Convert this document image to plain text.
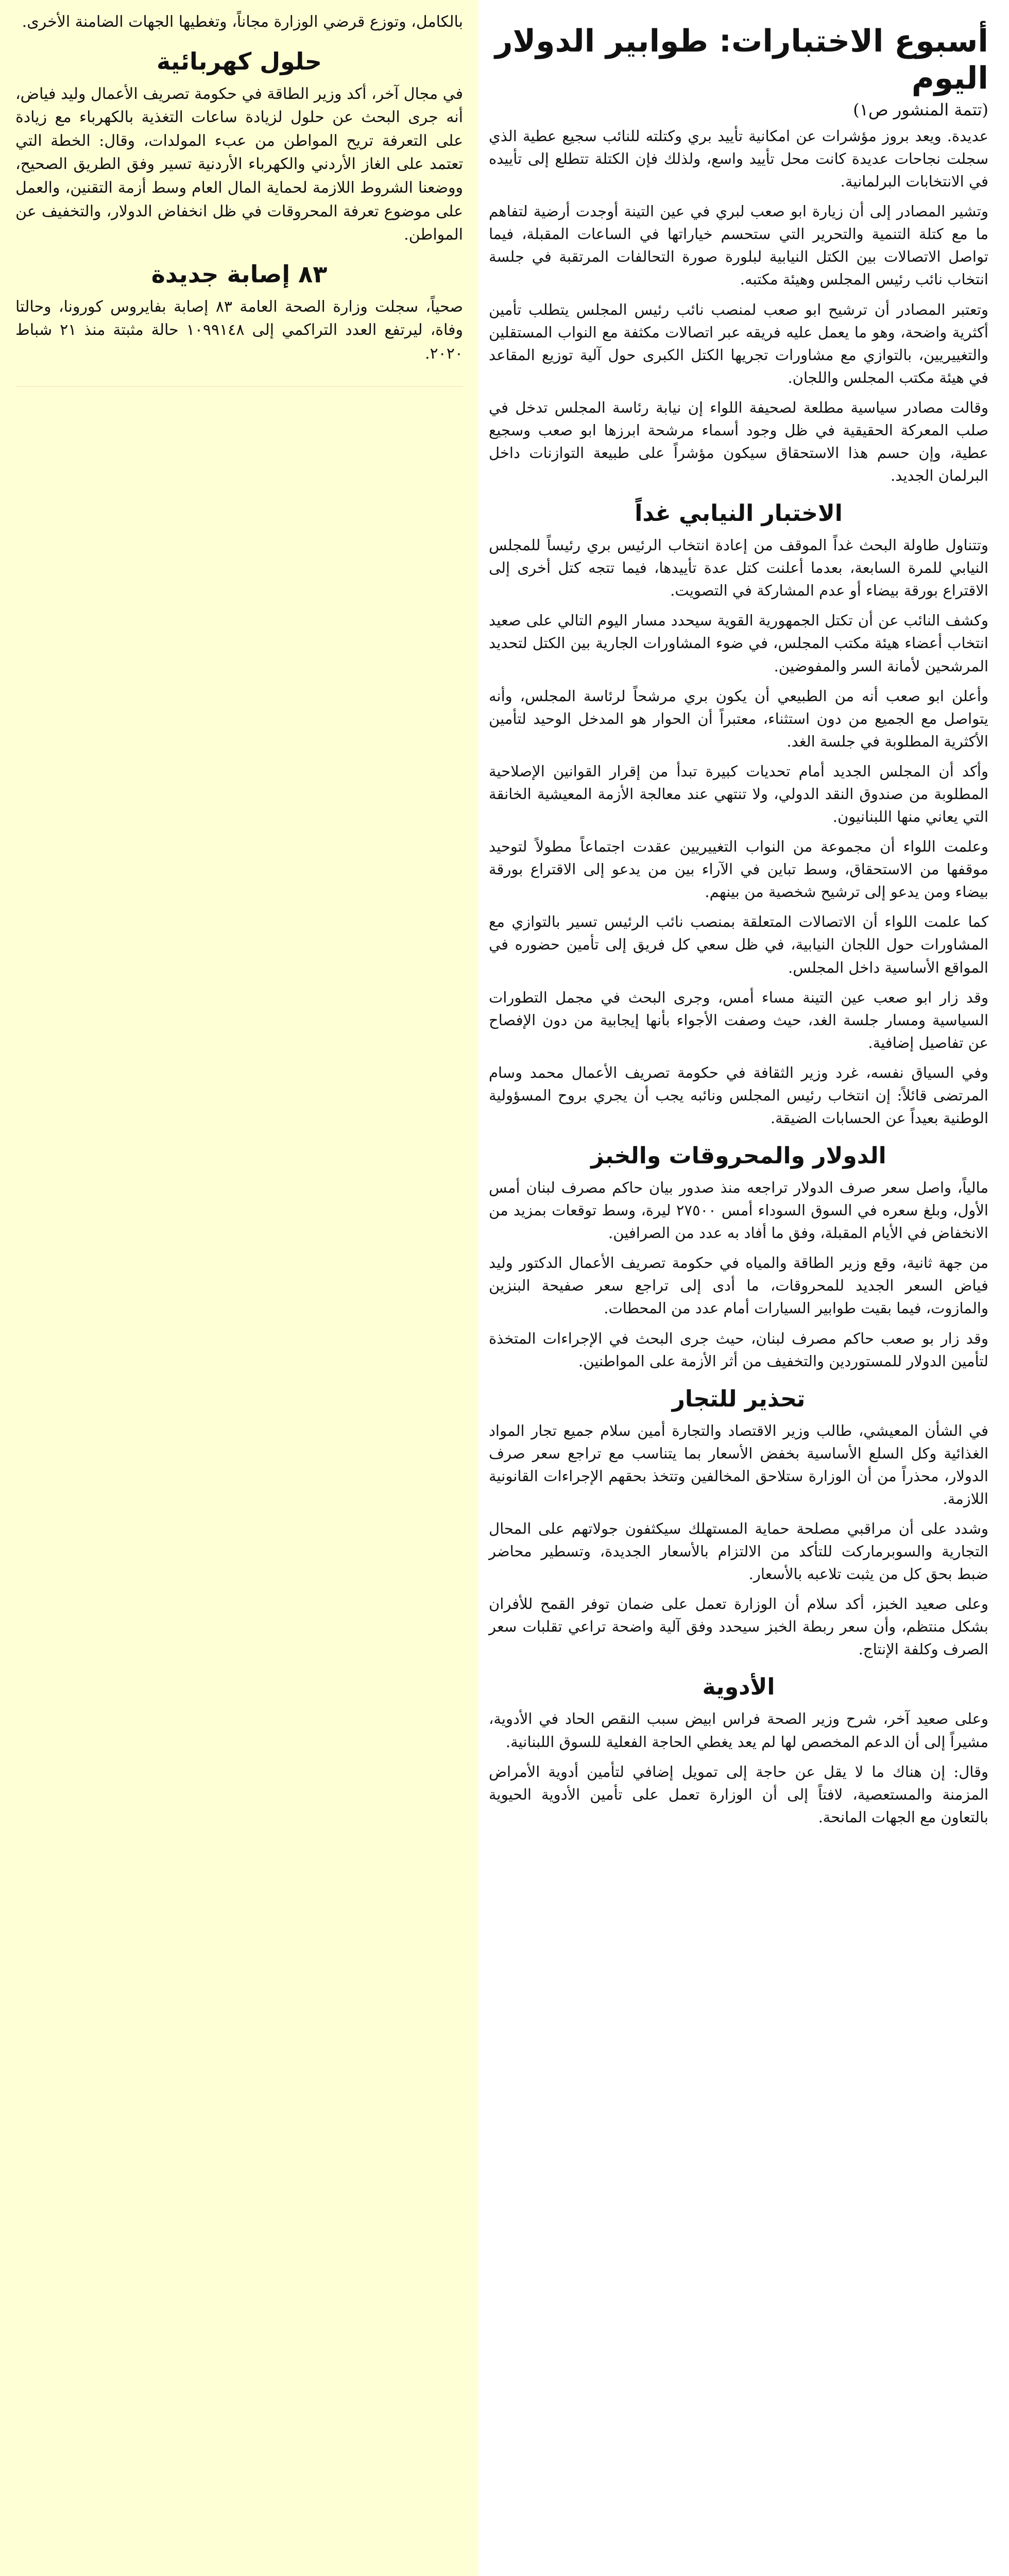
بالكامل، وتوزع قرضي الوزارة مجاناً، وتغطيها الجهات الضامنة الأخرى.

حلول كهربائية

في مجال آخر، أكد وزير الطاقة في حكومة تصريف الأعمال وليد فياض، أنه جرى البحث عن حلول لزيادة ساعات التغذية بالكهرباء مع زيادة على التعرفة تريح المواطن من عبء المولدات، وقال: الخطة التي تعتمد على الغاز الأردني والكهرباء الأردنية تسير وفق الطريق الصحيح، ووضعنا الشروط اللازمة لحماية المال العام وسط أزمة التقنين، والعمل على موضوع تعرفة المحروقات في ظل انخفاض الدولار، والتخفيف عن المواطن.

٨٣ إصابة جديدة

صحياً، سجلت وزارة الصحة العامة ٨٣ إصابة بفايروس كورونا، وحالتا وفاة، ليرتفع العدد التراكمي إلى ١٠٩٩١٤٨ حالة مثبتة منذ ٢١ شباط ٢٠٢٠.

أسبوع الاختبارات: طوابير الدولار اليوم
(تتمة المنشور ص١)

عديدة. ويعد بروز مؤشرات عن امكانية تأييد بري وكتلته للنائب سجيع عطية الذي سجلت نجاحات عديدة كانت محل تأييد واسع، ولذلك فإن الكتلة تتطلع إلى تأييده في الانتخابات البرلمانية.

وتشير المصادر إلى أن زيارة ابو صعب لبري في عين التينة أوجدت أرضية لتفاهم ما مع كتلة التنمية والتحرير التي ستحسم خياراتها في الساعات المقبلة، فيما تواصل الاتصالات بين الكتل النيابية لبلورة صورة التحالفات المرتقبة في جلسة انتخاب نائب رئيس المجلس وهيئة مكتبه.

وتعتبر المصادر أن ترشيح ابو صعب لمنصب نائب رئيس المجلس يتطلب تأمين أكثرية واضحة، وهو ما يعمل عليه فريقه عبر اتصالات مكثفة مع النواب المستقلين والتغييريين، بالتوازي مع مشاورات تجريها الكتل الكبرى حول آلية توزيع المقاعد في هيئة مكتب المجلس واللجان.

وقالت مصادر سياسية مطلعة لصحيفة اللواء إن نيابة رئاسة المجلس تدخل في صلب المعركة الحقيقية في ظل وجود أسماء مرشحة ابرزها ابو صعب وسجيع عطية، وإن حسم هذا الاستحقاق سيكون مؤشراً على طبيعة التوازنات داخل البرلمان الجديد.

الاختبار النيابي غداً

وتتناول طاولة البحث غداً الموقف من إعادة انتخاب الرئيس بري رئيساً للمجلس النيابي للمرة السابعة، بعدما أعلنت كتل عدة تأييدها، فيما تتجه كتل أخرى إلى الاقتراع بورقة بيضاء أو عدم المشاركة في التصويت.

وكشف النائب عن أن تكتل الجمهورية القوية سيحدد مسار اليوم التالي على صعيد انتخاب أعضاء هيئة مكتب المجلس، في ضوء المشاورات الجارية بين الكتل لتحديد المرشحين لأمانة السر والمفوضين.

وأعلن ابو صعب أنه من الطبيعي أن يكون بري مرشحاً لرئاسة المجلس، وأنه يتواصل مع الجميع من دون استثناء، معتبراً أن الحوار هو المدخل الوحيد لتأمين الأكثرية المطلوبة في جلسة الغد.

وأكد أن المجلس الجديد أمام تحديات كبيرة تبدأ من إقرار القوانين الإصلاحية المطلوبة من صندوق النقد الدولي، ولا تنتهي عند معالجة الأزمة المعيشية الخانقة التي يعاني منها اللبنانيون.

وعلمت اللواء أن مجموعة من النواب التغييريين عقدت اجتماعاً مطولاً لتوحيد موقفها من الاستحقاق، وسط تباين في الآراء بين من يدعو إلى الاقتراع بورقة بيضاء ومن يدعو إلى ترشيح شخصية من بينهم.

كما علمت اللواء أن الاتصالات المتعلقة بمنصب نائب الرئيس تسير بالتوازي مع المشاورات حول اللجان النيابية، في ظل سعي كل فريق إلى تأمين حضوره في المواقع الأساسية داخل المجلس.

وقد زار ابو صعب عين التينة مساء أمس، وجرى البحث في مجمل التطورات السياسية ومسار جلسة الغد، حيث وصفت الأجواء بأنها إيجابية من دون الإفصاح عن تفاصيل إضافية.

وفي السياق نفسه، غرد وزير الثقافة في حكومة تصريف الأعمال محمد وسام المرتضى قائلاً: إن انتخاب رئيس المجلس ونائبه يجب أن يجري بروح المسؤولية الوطنية بعيداً عن الحسابات الضيقة.

الدولار والمحروقات والخبز

مالياً، واصل سعر صرف الدولار تراجعه منذ صدور بيان حاكم مصرف لبنان أمس الأول، وبلغ سعره في السوق السوداء أمس ٢٧٥٠٠ ليرة، وسط توقعات بمزيد من الانخفاض في الأيام المقبلة، وفق ما أفاد به عدد من الصرافين.

من جهة ثانية، وقع وزير الطاقة والمياه في حكومة تصريف الأعمال الدكتور وليد فياض السعر الجديد للمحروقات، ما أدى إلى تراجع سعر صفيحة البنزين والمازوت، فيما بقيت طوابير السيارات أمام عدد من المحطات.

وقد زار بو صعب حاكم مصرف لبنان، حيث جرى البحث في الإجراءات المتخذة لتأمين الدولار للمستوردين والتخفيف من أثر الأزمة على المواطنين.

تحذير للتجار

في الشأن المعيشي، طالب وزير الاقتصاد والتجارة أمين سلام جميع تجار المواد الغذائية وكل السلع الأساسية بخفض الأسعار بما يتناسب مع تراجع سعر صرف الدولار، محذراً من أن الوزارة ستلاحق المخالفين وتتخذ بحقهم الإجراءات القانونية اللازمة.

وشدد على أن مراقبي مصلحة حماية المستهلك سيكثفون جولاتهم على المحال التجارية والسوبرماركت للتأكد من الالتزام بالأسعار الجديدة، وتسطير محاضر ضبط بحق كل من يثبت تلاعبه بالأسعار.

وعلى صعيد الخبز، أكد سلام أن الوزارة تعمل على ضمان توفر القمح للأفران بشكل منتظم، وأن سعر ربطة الخبز سيحدد وفق آلية واضحة تراعي تقلبات سعر الصرف وكلفة الإنتاج.

الأدوية

وعلى صعيد آخر، شرح وزير الصحة فراس ابيض سبب النقص الحاد في الأدوية، مشيراً إلى أن الدعم المخصص لها لم يعد يغطي الحاجة الفعلية للسوق اللبنانية.

وقال: إن هناك ما لا يقل عن حاجة إلى تمويل إضافي لتأمين أدوية الأمراض المزمنة والمستعصية، لافتاً إلى أن الوزارة تعمل على تأمين الأدوية الحيوية بالتعاون مع الجهات المانحة.
